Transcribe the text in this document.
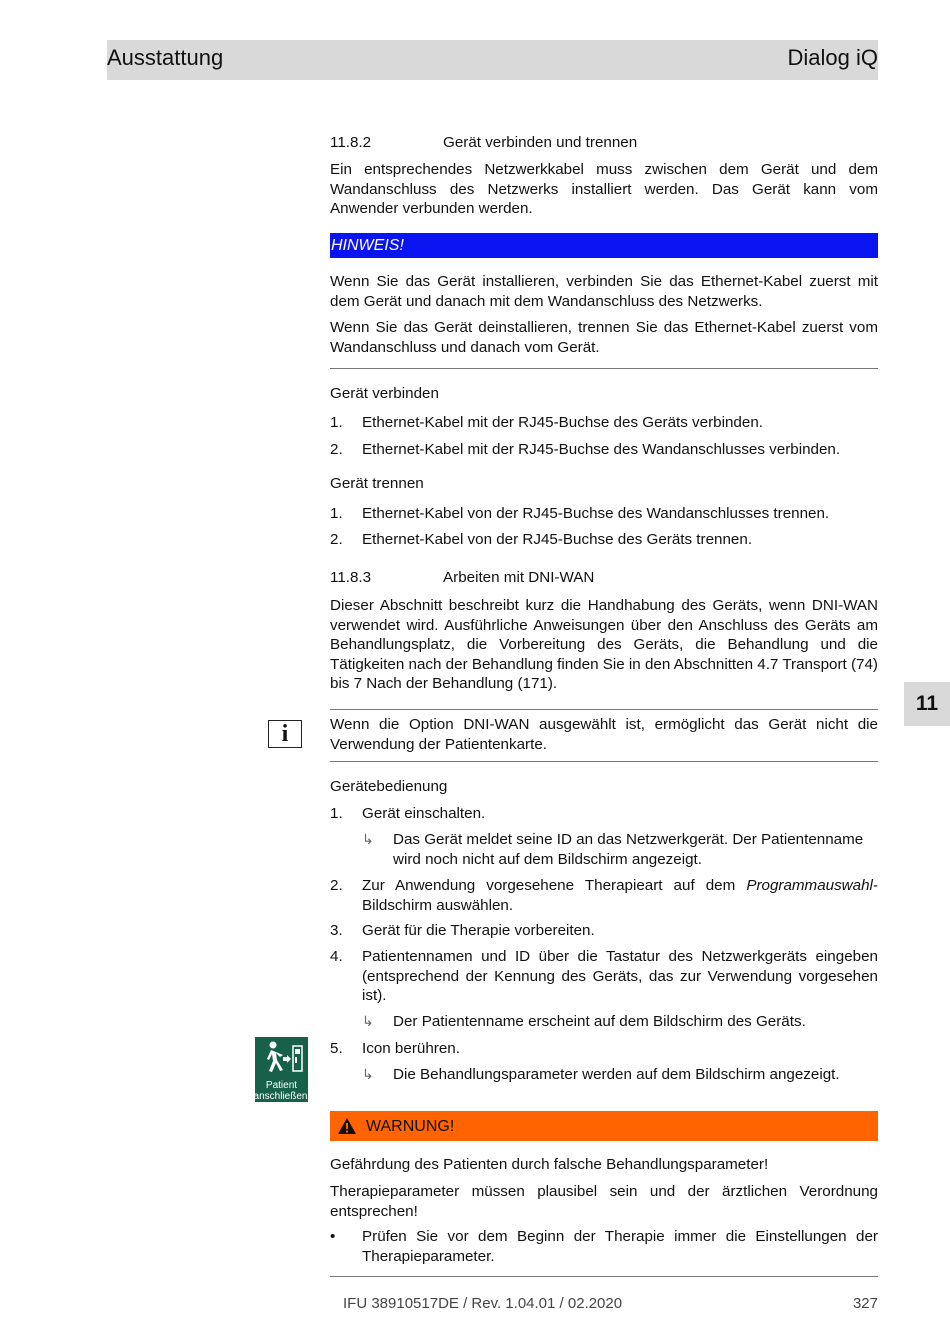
Ausstattung	Dialog iQ
11
11.8.2	Gerät verbinden und trennen
Ein entsprechendes Netzwerkkabel muss zwischen dem Gerät und dem Wandanschluss des Netzwerks installiert werden. Das Gerät kann vom Anwender verbunden werden.
HINWEIS!
Wenn Sie das Gerät installieren, verbinden Sie das Ethernet-Kabel zuerst mit dem Gerät und danach mit dem Wandanschluss des Netzwerks.
Wenn Sie das Gerät deinstallieren, trennen Sie das Ethernet-Kabel zuerst vom Wandanschluss und danach vom Gerät.
Gerät verbinden
1. Ethernet-Kabel mit der RJ45-Buchse des Geräts verbinden.
2. Ethernet-Kabel mit der RJ45-Buchse des Wandanschlusses verbinden.
Gerät trennen
1. Ethernet-Kabel von der RJ45-Buchse des Wandanschlusses trennen.
2. Ethernet-Kabel von der RJ45-Buchse des Geräts trennen.
11.8.3	Arbeiten mit DNI-WAN
Dieser Abschnitt beschreibt kurz die Handhabung des Geräts, wenn DNI-WAN verwendet wird. Ausführliche Anweisungen über den Anschluss des Geräts am Behandlungsplatz, die Vorbereitung des Geräts, die Behandlung und die Tätigkeiten nach der Behandlung finden Sie in den Abschnitten 4.7 Transport (74) bis 7 Nach der Behandlung (171).
i	Wenn die Option DNI-WAN ausgewählt ist, ermöglicht das Gerät nicht die Verwendung der Patientenkarte.
Gerätebedienung
1. Gerät einschalten.
↳ Das Gerät meldet seine ID an das Netzwerkgerät. Der Patientenname wird noch nicht auf dem Bildschirm angezeigt.
2. Zur Anwendung vorgesehene Therapieart auf dem Programmauswahl-Bildschirm auswählen.
3. Gerät für die Therapie vorbereiten.
4. Patientennamen und ID über die Tastatur des Netzwerkgeräts eingeben (entsprechend der Kennung des Geräts, das zur Verwendung vorgesehen ist).
↳ Der Patientenname erscheint auf dem Bildschirm des Geräts.
Patient
anschließen
5. Icon berühren.
↳ Die Behandlungsparameter werden auf dem Bildschirm angezeigt.
WARNUNG!
Gefährdung des Patienten durch falsche Behandlungsparameter!
Therapieparameter müssen plausibel sein und der ärztlichen Verordnung entsprechen!
• Prüfen Sie vor dem Beginn der Therapie immer die Einstellungen der Therapieparameter.
IFU 38910517DE / Rev. 1.04.01 / 02.2020	327
